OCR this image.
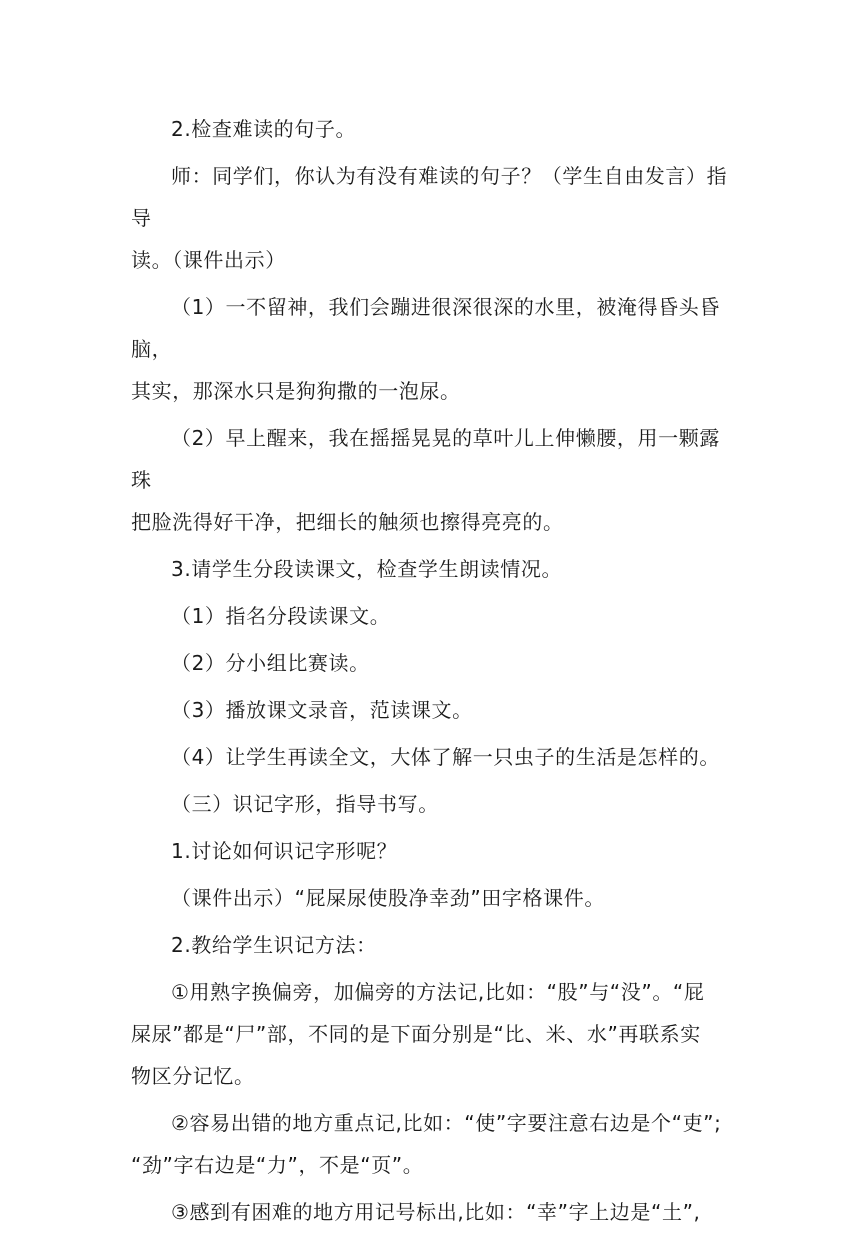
2.检查难读的句子。

师：同学们，你认为有没有难读的句子？（学生自由发言）指导
读。（课件出示）

（1）一不留神，我们会蹦进很深很深的水里，被淹得昏头昏脑，
其实，那深水只是狗狗撒的一泡尿。

（2）早上醒来，我在摇摇晃晃的草叶儿上伸懒腰，用一颗露珠
把脸洗得好干净，把细长的触须也擦得亮亮的。

3.请学生分段读课文，检查学生朗读情况。

（1）指名分段读课文。

（2）分小组比赛读。

（3）播放课文录音，范读课文。

（4）让学生再读全文，大体了解一只虫子的生活是怎样的。

（三）识记字形，指导书写。

1.讨论如何识记字形呢？

（课件出示）“屁屎尿使股净幸劲”田字格课件。

2.教给学生识记方法：

①用熟字换偏旁，加偏旁的方法记,比如：“股”与“没”。“屁
屎尿”都是“尸”部，不同的是下面分别是“比、米、水”再联系实
物区分记忆。

②容易出错的地方重点记,比如：“使”字要注意右边是个“吏”;
“劲”字右边是“力”，不是“页”。

③感到有困难的地方用记号标出,比如：“幸”字上边是“土”,
